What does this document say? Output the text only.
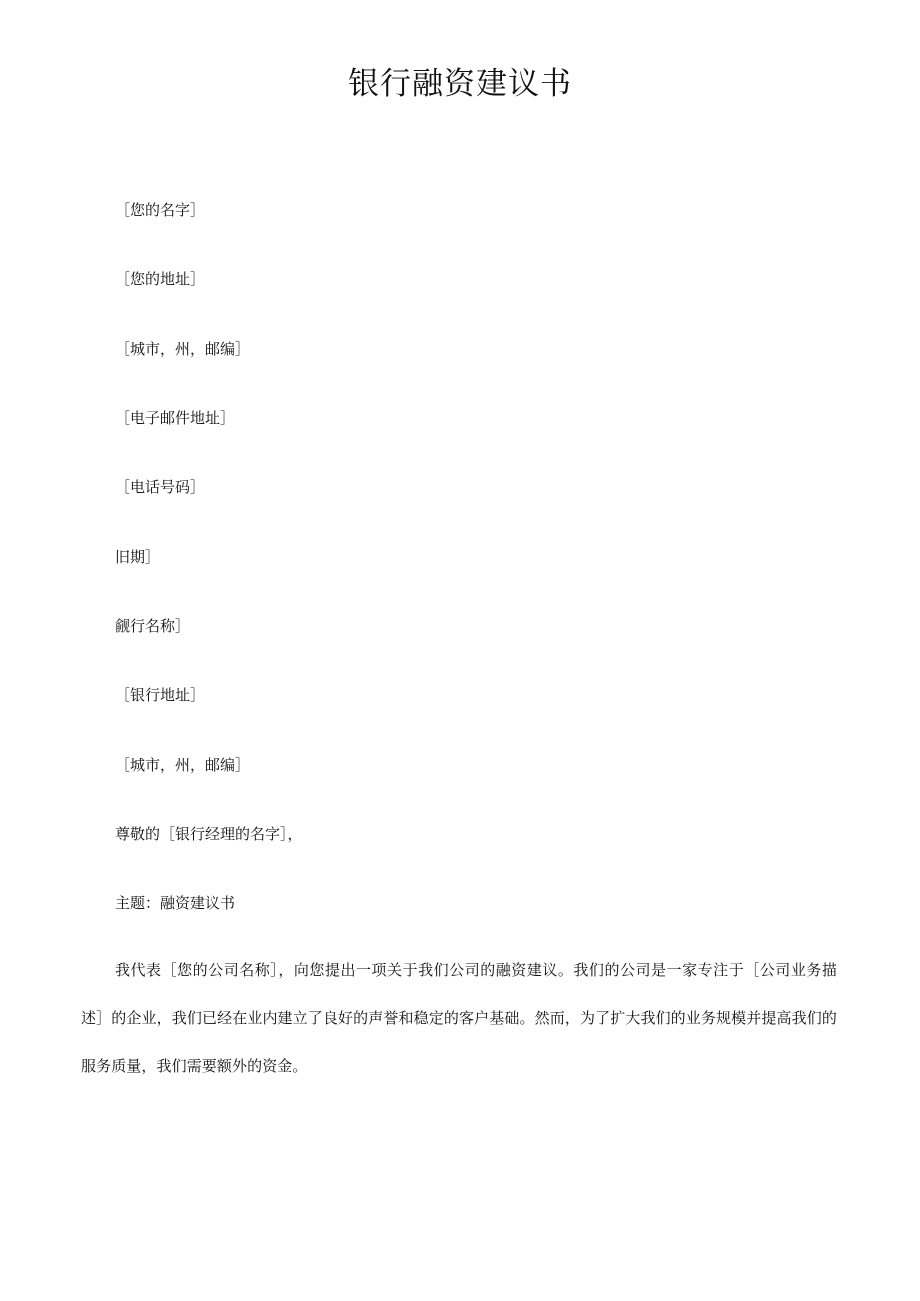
银行融资建议书

［您的名字］

［您的地址］

［城市，州，邮编］

［电子邮件地址］

［电话号码］

旧期］

觎行名称］

［银行地址］

［城市，州，邮编］

尊敬的［银行经理的名字］，

主题：融资建议书

我代表［您的公司名称］，向您提出一项关于我们公司的融资建议。我们的公司是一家专注于［公司业务描述］的企业，我们已经在业内建立了良好的声誉和稳定的客户基础。然而，为了扩大我们的业务规模并提高我们的服务质量，我们需要额外的资金。
